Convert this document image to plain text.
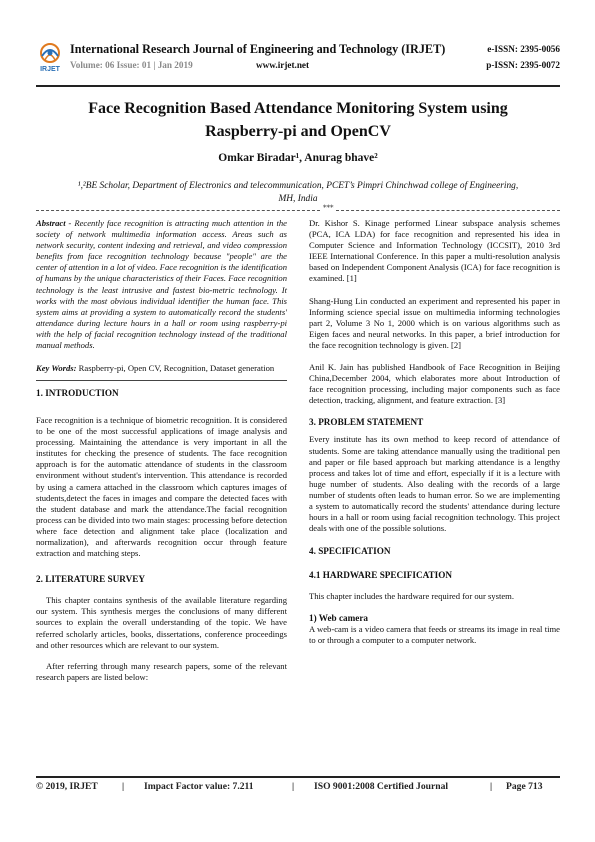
IRJET
International Research Journal of Engineering and Technology (IRJET)
Volume: 06 Issue: 01 | Jan 2019	www.irjet.net
e-ISSN: 2395-0056
p-ISSN: 2395-0072
Face Recognition Based Attendance Monitoring System using
Raspberry-pi and OpenCV
Omkar Biradar¹, Anurag bhave²
¹,²BE Scholar, Department of Electronics and telecommunication, PCET’s Pimpri Chinchwad college of Engineering,
MH, India
***

Abstract - Recently face recognition is attracting much attention in the society of network multimedia information access. Areas such as network security, content indexing and retrieval, and video compression benefits from face recognition technology because "people" are the center of attention in a lot of video. Face recognition is the identification of humans by the unique characteristics of their Faces. Face recognition technology is the least intrusive and fastest bio-metric technology. It works with the most obvious individual identifier the human face. This system aims at providing a system to automatically record the students' attendance during lecture hours in a hall or room using raspberry-pi with the help of facial recognition technology instead of the traditional manual methods.

Key Words: Raspberry-pi, Open CV, Recognition, Dataset generation

1. INTRODUCTION

Face recognition is a technique of biometric recognition. It is considered to be one of the most successful applications of image analysis and processing. Maintaining the attendance is very important in all the institutes for checking the presence of students. The face recognition approach is for the automatic attendance of students in the classroom environment without student's intervention. This attendance is recorded by using a camera attached in the classroom which captures images of students,detect the faces in images and compare the detected faces with the student database and mark the attendance.The facial recognition process can be divided into two main stages: processing before detection where face detection and alignment take place (localization and normalization), and afterwards recognition occur through feature extraction and matching steps.

2. LITERATURE SURVEY

This chapter contains synthesis of the available literature regarding our system. This synthesis merges the conclusions of many different sources to explain the overall understanding of the topic. We have referred scholarly articles, books, dissertations, conference proceedings and other resources which are relevant to our system.

After referring through many research papers, some of the relevant research papers are listed below:

Dr. Kishor S. Kinage performed Linear subspace analysis schemes (PCA, ICA LDA) for face recognition and represented his idea in Computer Science and Information Technology (ICCSIT), 2010 3rd IEEE International Conference. In this paper a multi-resolution analysis based on Independent Component Analysis (ICA) for face recognition is examined. [1]

Shang-Hung Lin conducted an experiment and represented his paper in Informing science special issue on multimedia informing technologies part 2, Volume 3 No 1, 2000 which is on various algorithms such as Eigen faces and neural networks. In this paper, a brief introduction for the face recognition technology is given. [2]

Anil K. Jain has published Handbook of Face Recognition in Beijing China,December 2004, which elaborates more about Introduction of face recognition processing, including major components such as face detection, tracking, alignment, and feature extraction. [3]

3. PROBLEM STATEMENT

Every institute has its own method to keep record of attendance of students. Some are taking attendance manually using the traditional pen and paper or file based approach but marking attendance is a lengthy process and takes lot of time and effort, especially if it is a lecture with huge number of students. Also dealing with the records of a large number of students often leads to human error. So we are implementing a system to automatically record the students' attendance during lecture hours in a hall or room using facial recognition technology. This project deals with one of the possible solutions.

4. SPECIFICATION

4.1 HARDWARE SPECIFICATION

This chapter includes the hardware required for our system.

1) Web camera

A web-cam is a video camera that feeds or streams its image in real time to or through a computer to a computer network.

© 2019, IRJET	| Impact Factor value: 7.211	| ISO 9001:2008 Certified Journal	| Page 713
